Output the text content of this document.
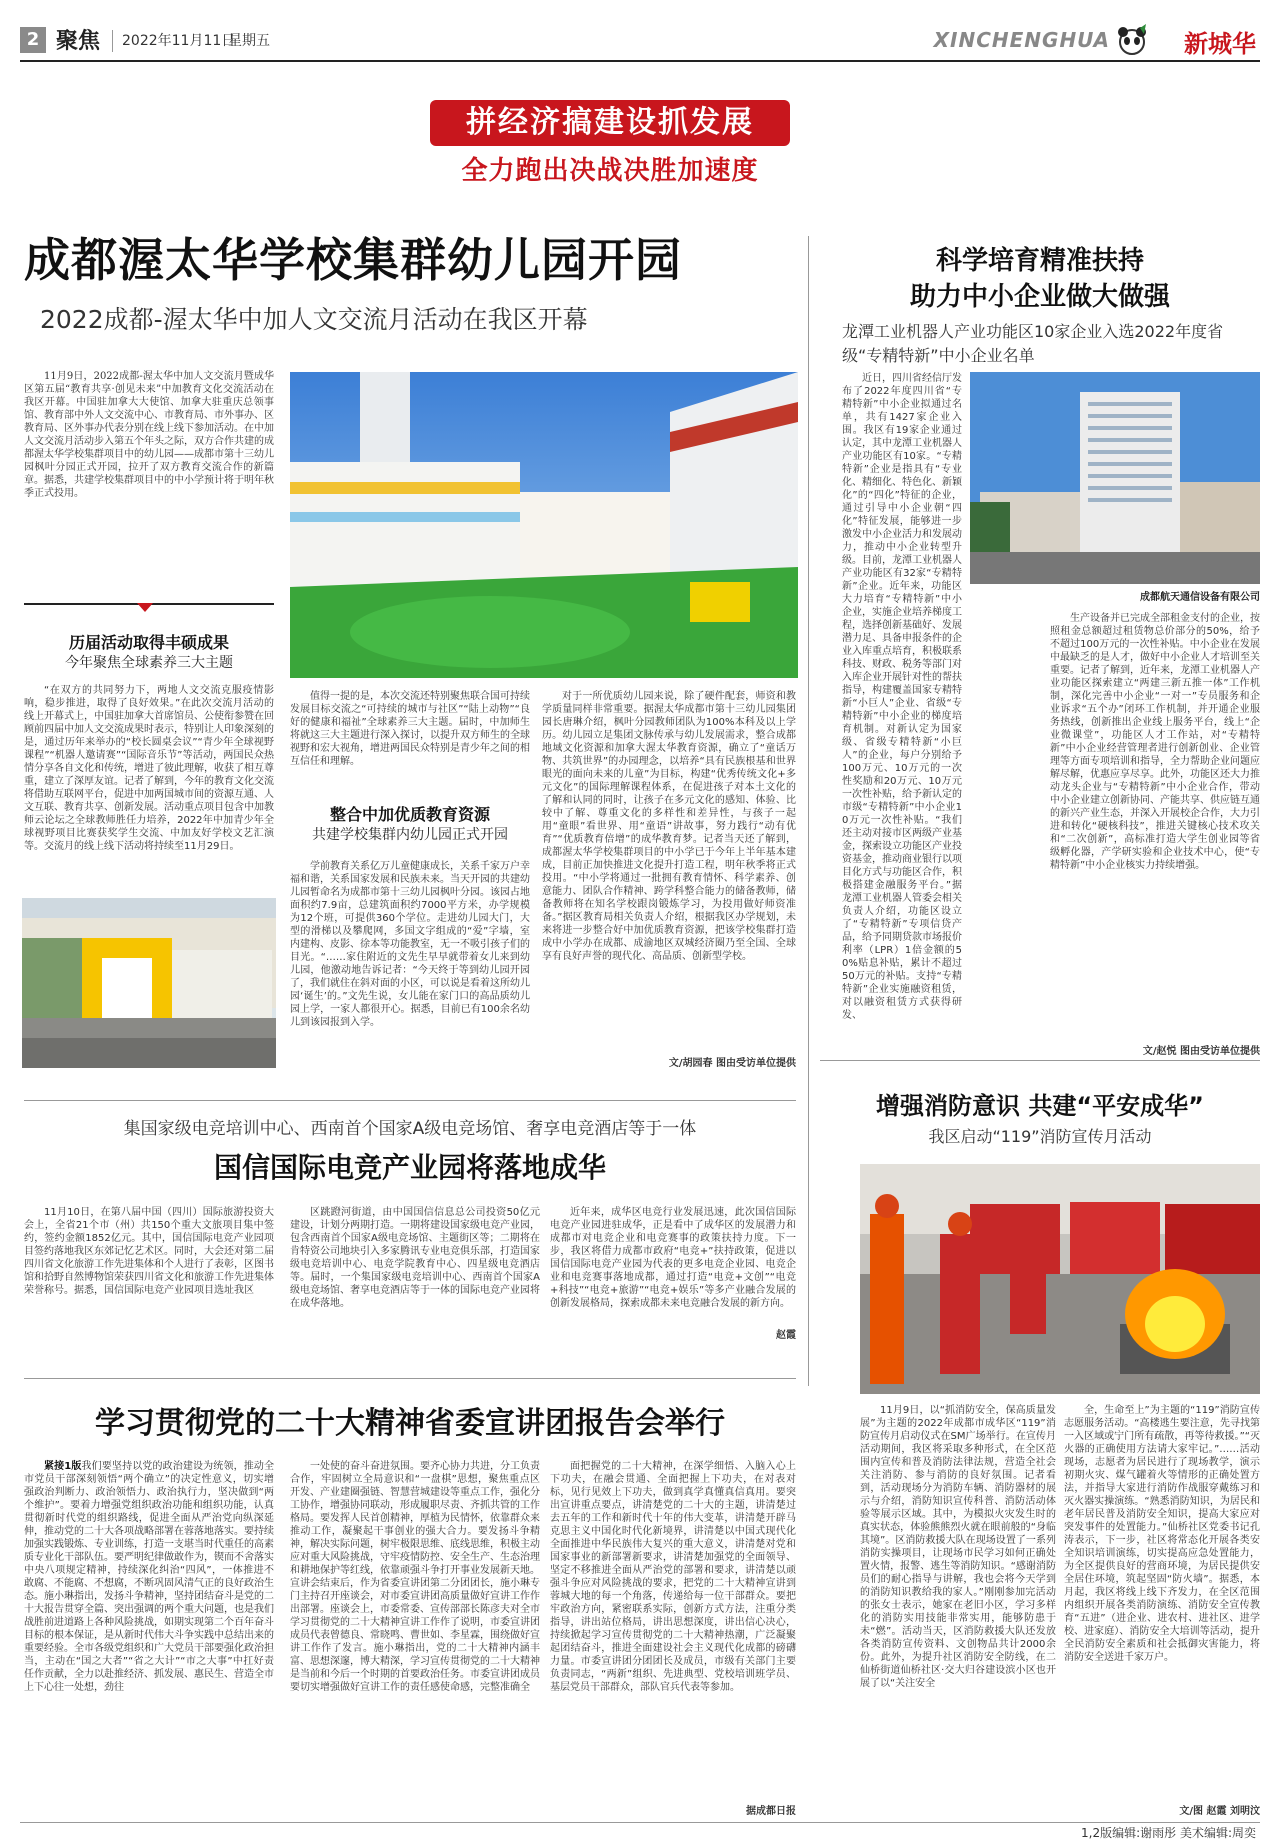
2 聚焦 2022年11月11日
星期五	XINCHENGHUA	新城华
拼经济搞建设抓发展
全力跑出决战决胜加速度
成都渥太华学校集群幼儿园开园
2022成都-渥太华中加人文交流月活动在我区开幕
11月9日，2022成都-渥太华中加人文交流月暨成华区第五届“教育共享·创见未来”中加教育文化交流活动在我区开幕。中国驻加拿大大使馆、加拿大驻重庆总领事馆、教育部中外人文交流中心、市教育局、市外事办、区教育局、区外事办代表分别在线上线下参加活动。在中加人文交流月活动步入第五个年头之际，双方合作共建的成都渥太华学校集群项目中的幼儿园——成都市第十三幼儿园枫叶分园正式开园，拉开了双方教育交流合作的新篇章。据悉，共建学校集群项目中的中小学预计将于明年秋季正式投用。
历届活动取得丰硕成果
今年聚焦全球素养三大主题
“在双方的共同努力下，两地人文交流克服疫情影响，稳步推进，取得了良好效果。”在此次交流月活动的线上开幕式上，中国驻加拿大首席馆员、公使衔参赞在回顾前四届中加人文交流成果时表示，特别让人印象深刻的是，通过历年来举办的“校长圆桌会议”“青少年全球视野课程”“机器人邀请赛”“国际音乐节”等活动，两国民众热情分享各自文化和传统，增进了彼此理解，收获了相互尊重，建立了深厚友谊。记者了解到，今年的教育文化交流将借助互联网平台，促进中加两国城市间的资源互通、人文互联、教育共享、创新发展。活动重点项目包含中加教师云论坛之全球教师胜任力培养，2022年中加青少年全球视野项目比赛获奖学生交流、中加友好学校文艺汇演等。交流月的线上线下活动将持续至11月29日。
值得一提的是，本次交流还特别聚焦联合国可持续发展目标交流之“可持续的城市与社区”“陆上动物”“良好的健康和福祉”全球素养三大主题。届时，中加师生将就这三大主题进行深入探讨，以提升双方师生的全球视野和宏大视角，增进两国民众特别是青少年之间的相互信任和理解。
整合中加优质教育资源
共建学校集群内幼儿园正式开园
学前教育关系亿万儿童健康成长，关系千家万户幸福和谐，关系国家发展和民族未来。当天开园的共建幼儿园暂命名为成都市第十三幼儿园枫叶分园。该园占地面积约7.9亩，总建筑面积约7000平方米，办学规模为12个班，可提供360个学位。走进幼儿园大门，大型的滑梯以及攀爬网，多国文字组成的“爱”字墙，室内建构、皮影、徐本等功能教室，无一不吸引孩子们的目光。“……家住附近的文先生早早就带着女儿来到幼儿园，他激动地告诉记者：“今天终于等到幼儿园开园了，我们就住在斜对面的小区，可以说是看着这所幼儿园‘诞生’的。”文先生说，女儿能在家门口的高品质幼儿园上学，一家人都很开心。据悉，目前已有100余名幼儿到该园报到入学。
对于一所优质幼儿园来说，除了硬件配套，师资和教学质量同样非常重要。据渥太华成都市第十三幼儿园集团园长唐琳介绍，枫叶分园教师团队为100%本科及以上学历。幼儿园立足集团文脉传承与幼儿发展需求，整合成都地域文化资源和加拿大渥太华教育资源，确立了“童话万物、共筑世界”的办园理念，以培养“具有民族根基和世界眼光的面向未来的儿童”为目标，构建“优秀传统文化+多元文化”的国际理解课程体系，在促进孩子对本土文化的了解和认同的同时，让孩子在多元文化的感知、体验、比较中了解、尊重文化的多样性和差异性，与孩子一起用“童眼”看世界、用“童语”讲故事，努力践行“动有优育”“优质教育倍增”的成华教育梦。记者当天还了解到，成都渥太华学校集群项目的中小学已于今年上半年基本建成，目前正加快推进文化提升打造工程，明年秋季将正式投用。“中小学将通过一批拥有教育情怀、科学素养、创意能力、团队合作精神、跨学科整合能力的储备教师，储备教师将在知名学校跟岗锻炼学习，为投用做好师资准备。”据区教育局相关负责人介绍，根据我区办学规划，未来将进一步整合好中加优质教育资源，把该学校集群打造成中小学办在成都、成渝地区双城经济圈乃至全国、全球享有良好声誉的现代化、高品质、创新型学校。
文/胡园春 图由受访单位提供
科学培育精准扶持
助力中小企业做大做强
龙潭工业机器人产业功能区10家企业入选2022年度省级“专精特新”中小企业名单
成都航天通信设备有限公司
近日，四川省经信厅发布了2022年度四川省“专精特新”中小企业拟通过名单，共有1427家企业入围。我区有19家企业通过认定，其中龙潭工业机器人产业功能区有10家。“专精特新”企业是指具有“专业化、精细化、特色化、新颖化”的“四化”特征的企业，通过引导中小企业朝“四化”特征发展，能够进一步激发中小企业活力和发展动力，推动中小企业转型升级。目前，龙潭工业机器人产业功能区有32家“专精特新”企业。近年来，功能区大力培育“专精特新”中小企业，实施企业培养梯度工程，选择创新基础好、发展潜力足、具备申报条件的企业入库重点培育，积极联系科技、财政、税务等部门对入库企业开展针对性的帮扶指导，构建覆盖国家专精特新“小巨人”企业、省级“专精特新”中小企业的梯度培育机制。对新认定为国家级、省级专精特新“小巨人”的企业，每户分别给予100万元、10万元的一次性奖励和20万元、10万元一次性补贴，给予新认定的市级“专精特新”中小企业10万元一次性补贴。“我们还主动对接市区两级产业基金，探索设立功能区产业投资基金，推动商业银行以项目化方式与功能区合作，积极搭建金融服务平台。”据龙潭工业机器人管委会相关负责人介绍，功能区设立了“专精特新”专项信贷产品，给予同期贷款市场报价利率（LPR）1倍金额的50%贴息补贴，累计不超过50万元的补贴。支持“专精特新”企业实施融资租赁，对以融资租赁方式获得研发、
生产设备并已完成全部租金支付的企业，按照租金总额超过租赁物总价部分的50%，给予不超过100万元的一次性补贴。中小企业在发展中最缺乏的是人才，做好中小企业人才培训至关重要。记者了解到，近年来，龙潭工业机器人产业功能区探索建立“两建三新五推一体”工作机制，深化完善中小企业“一对一”专员服务和企业诉求“五个办”闭环工作机制，并开通企业服务热线，创新推出企业线上服务平台，线上“企业微课堂”，功能区人才工作站，对“专精特新”中小企业经营管理者进行创新创业、企业管理等方面专项培训和指导，全力帮助企业问题应解尽解，优惠应享尽享。此外，功能区还大力推动龙头企业与“专精特新”中小企业合作，带动中小企业建立创新协同、产能共享、供应链互通的新兴产业生态，并深入开展校企合作，大力引进和转化“硬核科技”，推进关键核心技术攻关和“二次创新”，高标准打造大学生创业园等省级孵化器，产学研实验和企业技术中心，使“专精特新”中小企业核实力持续增强。
文/赵悦 图由受访单位提供
增强消防意识 共建“平安成华”
我区启动“119”消防宣传月活动
11月9日，以“抓消防安全，保高质量发展”为主题的2022年成都市成华区“119”消防宣传月启动仪式在SM广场举行。在宣传月活动期间，我区将采取多种形式，在全区范围内宣传和普及消防法律法规，营造全社会关注消防、参与消防的良好氛围。记者看到，活动现场分为消防车辆、消防器材的展示与介绍，消防知识宣传科普、消防活动体验等展示区域。其中，为模拟火灾发生时的真实状态，体验熊熊烈火就在眼前般的“身临其境”。区消防救援大队在现场设置了一系列消防实操项目，让现场市民学习如何正确处置火情，报警、逃生等消防知识。“感谢消防员们的耐心指导与讲解，我也会将今天学到的消防知识教给我的家人。”刚刚参加完活动的张女士表示，她家在老旧小区，学习多样化的消防实用技能非常实用，能够防患于未“燃”。活动当天，区消防救援大队还发放各类消防宣传资料、文创物品共计2000余份。此外，为提升社区消防安全防线，在二仙桥街道仙桥社区·交大归谷建设滨小区也开展了以“关注安全
全，生命至上”为主题的“119”消防宣传志愿服务活动。“高楼逃生要注意，先寻找第一入区域或宁门所有疏散，再等待救援。”“灭火器的正确使用方法请大家牢记。”……活动现场，志愿者为居民进行了现场教学，演示初期火灾、煤气罐着火等情形的正确处置方法，并指导大家进行消防作战服穿戴练习和灭火器实操演练。“熟悉消防知识，为居民和老年居民普及消防安全知识，提高大家应对突发事件的处置能力。”仙桥社区党委书记孔涛表示，下一步，社区将常态化开展各类安全知识培训演练，切实提高应急处置能力，为全区提供良好的营商环境，为居民提供安全居住环境，筑起坚固“防火墙”。据悉，本月起，我区将线上线下齐发力，在全区范围内组织开展各类消防演练、消防安全宣传教育“五进”（进企业、进农村、进社区、进学校、进家庭）、消防安全大培训等活动，提升全民消防安全素质和社会抵御灾害能力，将消防安全送进千家万户。
文/图 赵霞 刘明汶
集国家级电竞培训中心、西南首个国家A级电竞场馆、奢享电竞酒店等于一体
国信国际电竞产业园将落地成华
11月10日，在第八届中国（四川）国际旅游投资大会上，全省21个市（州）共150个重大文旅项目集中签约，签约金额1852亿元。其中，国信国际电竞产业园项目签约落地我区东郊记忆艺术区。同时，大会还对第二届四川省文化旅游工作先进集体和个人进行了表彰，区图书馆和拾野自然博物馆荣获四川省文化和旅游工作先进集体荣誉称号。据悉，国信国际电竞产业园项目选址我区
区跳蹬河街道，由中国国信信息总公司投资50亿元建设，计划分两期打造。一期将建设国家级电竞产业园，包含西南首个国家A级电竞场馆、主题街区等；二期将在肯特资公司地块引入多家腾讯专业电竞俱乐部，打造国家级电竞培训中心、电竞学院教育中心、四星级电竞酒店等。届时，一个集国家级电竞培训中心、西南首个国家A级电竞场馆、奢享电竞酒店等于一体的国际电竞产业园将在成华落地。
近年来，成华区电竞行业发展迅速，此次国信国际电竞产业园进驻成华，正是看中了成华区的发展潜力和成都市对电竞企业和电竞赛事的政策扶持力度。下一步，我区将借力成都市政府“电竞+”扶持政策，促进以国信国际电竞产业园为代表的更多电竞企业园、电竞企业和电竞赛事落地成都，通过打造“电竞+文创”“电竞+科技”“电竞+旅游”“电竞+娱乐”等多产业融合发展的创新发展格局，探索成都未来电竞融合发展的新方向。
赵霞
学习贯彻党的二十大精神省委宣讲团报告会举行
紧接1版我们要坚持以党的政治建设为统领，推动全市党员干部深刻领悟“两个确立”的决定性意义，切实增强政治判断力、政治领悟力、政治执行力，坚决做到“两个维护”。要着力增强党组织政治功能和组织功能，认真贯彻新时代党的组织路线，促进全面从严治党向纵深延伸，推动党的二十大各项战略部署在蓉落地落实。要持续加强实践锻炼、专业训练，打造一支堪当时代重任的高素质专业化干部队伍。要严明纪律做敢作为，锲而不舍落实中央八项规定精神，持续深化纠治“四风”，一体推进不敢腐、不能腐、不想腐，不断巩固风清气正的良好政治生态。施小琳指出，发扬斗争精神，坚持团结奋斗是党的二十大报告贯穿全篇、突出强调的两个重大问题，也是我们战胜前进道路上各种风险挑战，如期实现第二个百年奋斗目标的根本保证，是从新时代伟大斗争实践中总结出来的重要经验。全市各级党组织和广大党员干部要强化政治担当，主动在“国之大者”“省之大计”“市之大事”中扛好责任作贡献，全力以赴推经济、抓发展、惠民生、营造全市上下心往一处想，劲往
一处使的奋斗奋进氛围。要齐心协力共进，分工负责合作，牢固树立全局意识和“一盘棋”思想，聚焦重点区开发、产业建圈强链、智慧营城建设等重点工作，强化分工协作，增强协同联动，形成履职尽责、齐抓共管的工作格局。要发挥人民首创精神，厚植为民情怀，依靠群众来推动工作，凝聚起干事创业的强大合力。要发扬斗争精神，解决实际问题，树牢极限思维、底线思维，积极主动应对重大风险挑战，守牢疫情防控、安全生产、生态治理和耕地保护等红线，依靠顽强斗争打开事业发展新天地。宣讲会结束后，作为省委宣讲团第二分团团长，施小琳专门主持召开座谈会，对市委宣讲团高质量做好宣讲工作作出部署。座谈会上，市委常委、宣传部部长陈彦夫对全市学习贯彻党的二十大精神宣讲工作作了说明，市委宣讲团成员代表曾德良、常晓鸣、曹世如、李星霖，围绕做好宣讲工作作了发言。施小琳指出，党的二十大精神内涵丰富、思想深邃，博大精深，学习宣传贯彻党的二十大精神是当前和今后一个时期的首要政治任务。市委宣讲团成员要切实增强做好宣讲工作的责任感使命感，完整准确全
面把握党的二十大精神，在深学细悟、入脑入心上下功夫，在融会贯通、全面把握上下功夫，在对表对标，见行见效上下功夫，做到真学真懂真信真用。要突出宣讲重点要点，讲清楚党的二十大的主题，讲清楚过去五年的工作和新时代十年的伟大变革，讲清楚开辟马克思主义中国化时代化新境界，讲清楚以中国式现代化全面推进中华民族伟大复兴的重大意义，讲清楚对党和国家事业的新部署新要求，讲清楚加强党的全面领导、坚定不移推进全面从严治党的部署和要求，讲清楚以顽强斗争应对风险挑战的要求，把党的二十大精神宣讲到蓉城大地的每一个角落，传递给每一位干部群众。要把牢政治方向，紧密联系实际，创新方式方法，注重分类指导，讲出站位格局，讲出思想深度，讲出信心决心，持续掀起学习宣传贯彻党的二十大精神热潮，广泛凝聚起团结奋斗，推进全面建设社会主义现代化成都的磅礴力量。市委宣讲团分团团长及成员，市级有关部门主要负责同志，“两新”组织、先进典型、党校培训班学员、基层党员干部群众，部队官兵代表等参加。
据成都日报
1,2版编辑:谢雨彤 美术编辑:周奕
